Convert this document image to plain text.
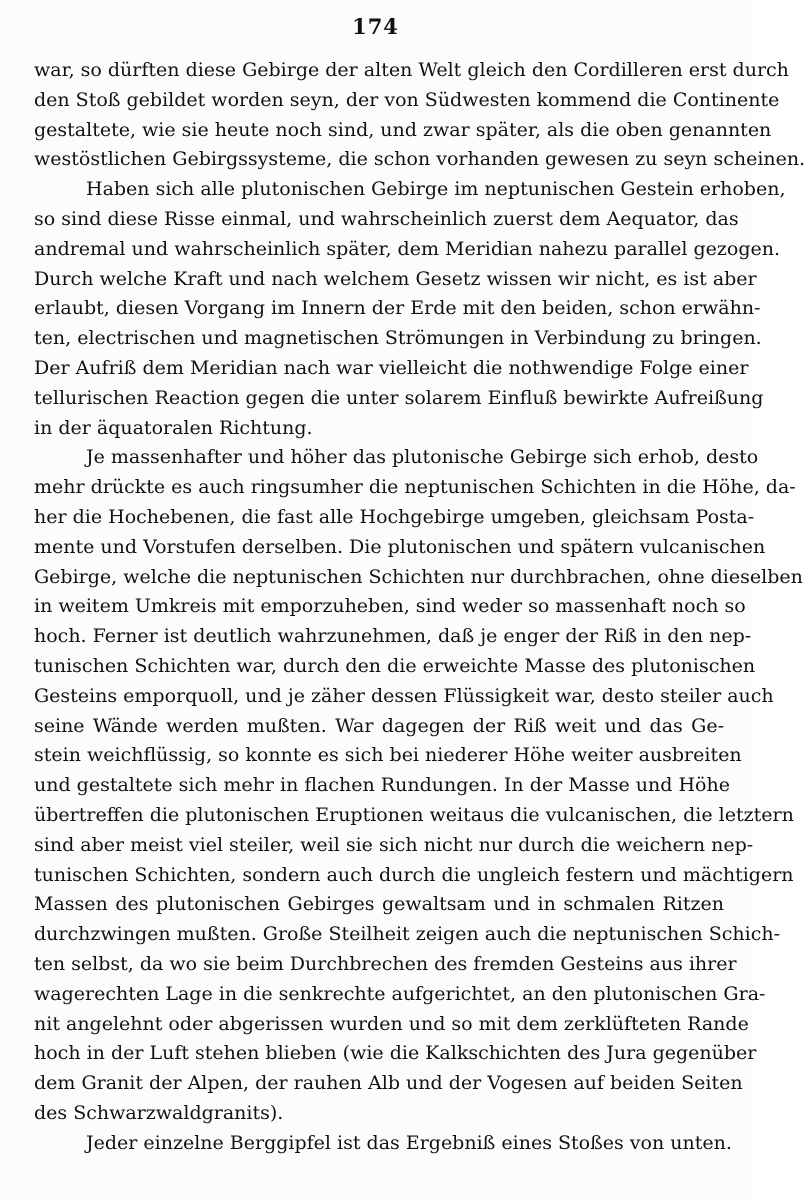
174
war, so dürften diese Gebirge der alten Welt gleich den Cordilleren erst durch
den Stoß gebildet worden seyn, der von Südwesten kommend die Continente
gestaltete, wie sie heute noch sind, und zwar später, als die oben genannten
westöstlichen Gebirgssysteme, die schon vorhanden gewesen zu seyn scheinen.
Haben sich alle plutonischen Gebirge im neptunischen Gestein erhoben,
so sind diese Risse einmal, und wahrscheinlich zuerst dem Aequator, das
andremal und wahrscheinlich später, dem Meridian nahezu parallel gezogen.
Durch welche Kraft und nach welchem Gesetz wissen wir nicht, es ist aber
erlaubt, diesen Vorgang im Innern der Erde mit den beiden, schon erwähn-
ten, electrischen und magnetischen Strömungen in Verbindung zu bringen.
Der Aufriß dem Meridian nach war vielleicht die nothwendige Folge einer
tellurischen Reaction gegen die unter solarem Einfluß bewirkte Aufreißung
in der äquatoralen Richtung.
Je massenhafter und höher das plutonische Gebirge sich erhob, desto
mehr drückte es auch ringsumher die neptunischen Schichten in die Höhe, da-
her die Hochebenen, die fast alle Hochgebirge umgeben, gleichsam Posta-
mente und Vorstufen derselben. Die plutonischen und spätern vulcanischen
Gebirge, welche die neptunischen Schichten nur durchbrachen, ohne dieselben
in weitem Umkreis mit emporzuheben, sind weder so massenhaft noch so
hoch. Ferner ist deutlich wahrzunehmen, daß je enger der Riß in den nep-
tunischen Schichten war, durch den die erweichte Masse des plutonischen
Gesteins emporquoll, und je zäher dessen Flüssigkeit war, desto steiler auch
seine Wände werden mußten. War dagegen der Riß weit und das Ge-
stein weichflüssig, so konnte es sich bei niederer Höhe weiter ausbreiten
und gestaltete sich mehr in flachen Rundungen. In der Masse und Höhe
übertreffen die plutonischen Eruptionen weitaus die vulcanischen, die letztern
sind aber meist viel steiler, weil sie sich nicht nur durch die weichern nep-
tunischen Schichten, sondern auch durch die ungleich festern und mächtigern
Massen des plutonischen Gebirges gewaltsam und in schmalen Ritzen
durchzwingen mußten. Große Steilheit zeigen auch die neptunischen Schich-
ten selbst, da wo sie beim Durchbrechen des fremden Gesteins aus ihrer
wagerechten Lage in die senkrechte aufgerichtet, an den plutonischen Gra-
nit angelehnt oder abgerissen wurden und so mit dem zerklüfteten Rande
hoch in der Luft stehen blieben (wie die Kalkschichten des Jura gegenüber
dem Granit der Alpen, der rauhen Alb und der Vogesen auf beiden Seiten
des Schwarzwaldgranits).
Jeder einzelne Berggipfel ist das Ergebniß eines Stoßes von unten.
